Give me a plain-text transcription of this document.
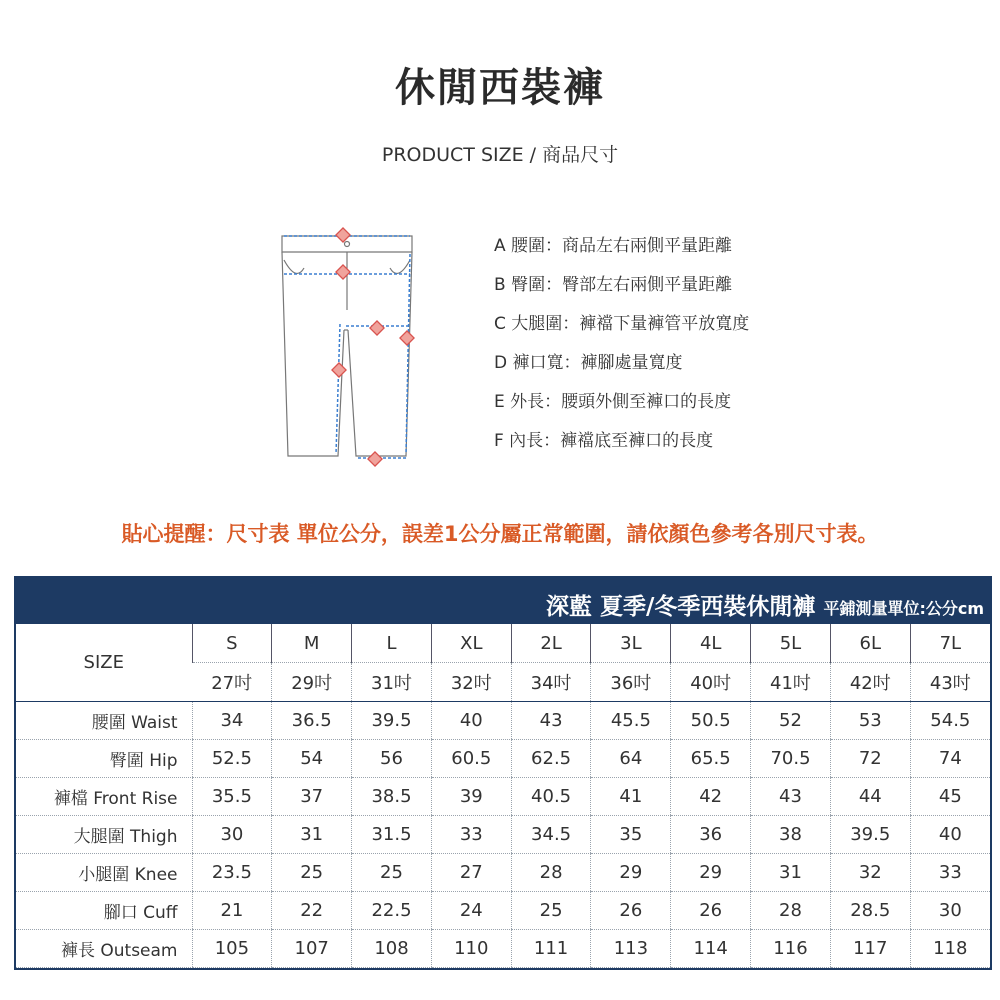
休閒西裝褲
PRODUCT SIZE / 商品尺寸
A 腰圍：商品左右兩側平量距離
B 臀圍：臀部左右兩側平量距離
C 大腿圍：褲襠下量褲管平放寬度
D 褲口寬：褲腳處量寬度
E 外長：腰頭外側至褲口的長度
F 內長：褲襠底至褲口的長度
貼心提醒：尺寸表 單位公分，誤差1公分屬正常範圍，請依顏色參考各別尺寸表。
深藍 夏季/冬季西裝休閒褲 平鋪測量單位:公分cm
SIZE	S	M	L	XL	2L	3L	4L	5L	6L	7L
	27吋	29吋	31吋	32吋	34吋	36吋	40吋	41吋	42吋	43吋
腰圍 Waist	34	36.5	39.5	40	43	45.5	50.5	52	53	54.5
臀圍 Hip	52.5	54	56	60.5	62.5	64	65.5	70.5	72	74
褲檔 Front Rise	35.5	37	38.5	39	40.5	41	42	43	44	45
大腿圍 Thigh	30	31	31.5	33	34.5	35	36	38	39.5	40
小腿圍 Knee	23.5	25	25	27	28	29	29	31	32	33
腳口 Cuff	21	22	22.5	24	25	26	26	28	28.5	30
褲長 Outseam	105	107	108	110	111	113	114	116	117	118
